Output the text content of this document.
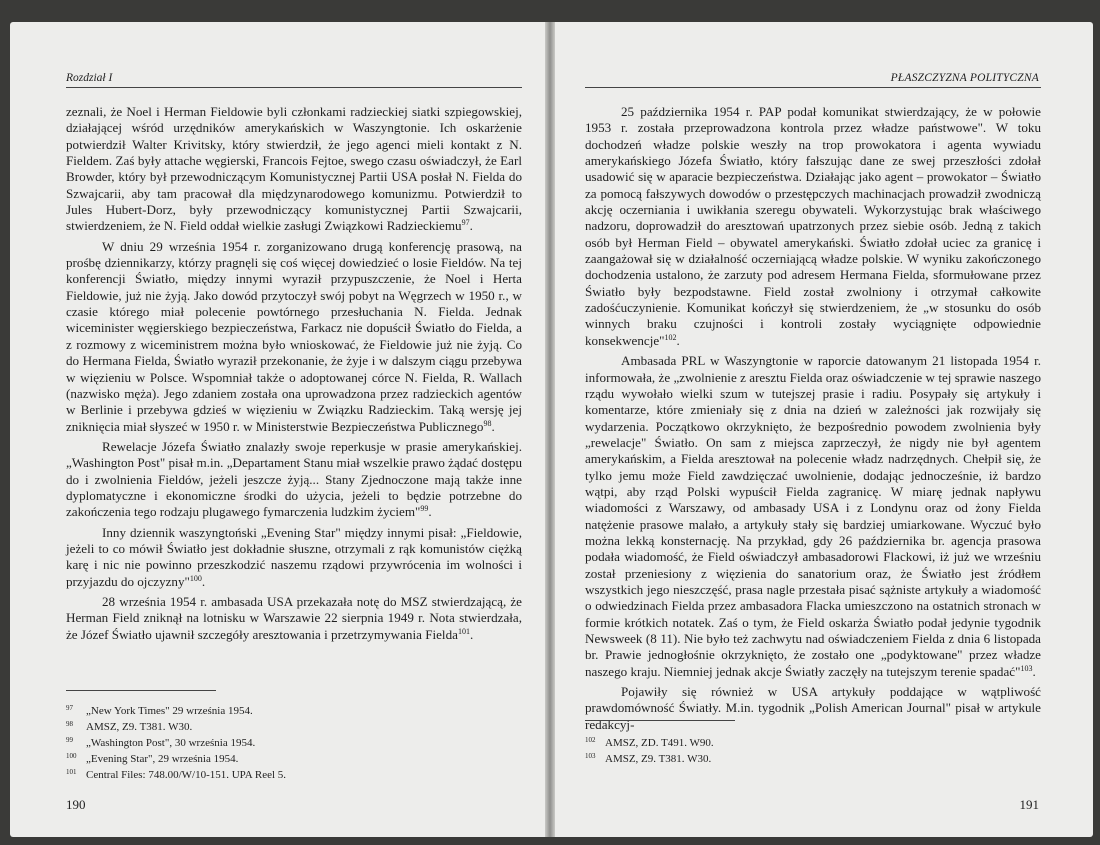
Rozdział I

zeznali, że Noel i Herman Fieldowie byli członkami radzieckiej siatki szpiegowskiej, działającej wśród urzędników amerykańskich w Waszyngtonie. Ich oskarżenie potwierdził Walter Krivitsky, który stwierdził, że jego agenci mieli kontakt z N. Fieldem. Zaś były attache węgierski, Francois Fejtoe, swego czasu oświadczył, że Earl Browder, który był przewodniczącym Komunistycznej Partii USA posłał N. Fielda do Szwajcarii, aby tam pracował dla międzynarodowego komunizmu. Potwierdził to Jules Hubert-Dorz, były przewodniczący komunistycznej Partii Szwajcarii, stwierdzeniem, że N. Field oddał wielkie zasługi Związkowi Radzieckiemu$^{97}$.

W dniu 29 września 1954 r. zorganizowano drugą konferencję prasową, na prośbę dziennikarzy, którzy pragnęli się coś więcej dowiedzieć o losie Fieldów. Na tej konferencji Światło, między innymi wyraził przypuszczenie, że Noel i Herta Fieldowie, już nie żyją. Jako dowód przytoczył swój pobyt na Węgrzech w 1950 r., w czasie którego miał polecenie powtórnego przesłuchania N. Fielda. Jednak wiceminister węgierskiego bezpieczeństwa, Farkacz nie dopuścił Światło do Fielda, a z rozmowy z wiceministrem można było wnioskować, że Fieldowie już nie żyją. Co do Hermana Fielda, Światło wyraził przekonanie, że żyje i w dalszym ciągu przebywa w więzieniu w Polsce. Wspomniał także o adoptowanej córce N. Fielda, R. Wallach (nazwisko męża). Jego zdaniem została ona uprowadzona przez radzieckich agentów w Berlinie i przebywa gdzieś w więzieniu w Związku Radzieckim. Taką wersję jej zniknięcia miał słyszeć w 1950 r. w Ministerstwie Bezpieczeństwa Publicznego$^{98}$.

Rewelacje Józefa Światło znalazły swoje reperkusje w prasie amerykańskiej. „Washington Post" pisał m.in. „Departament Stanu miał wszelkie prawo żądać dostępu do i zwolnienia Fieldów, jeżeli jeszcze żyją... Stany Zjednoczone mają także inne dyplomatyczne i ekonomiczne środki do użycia, jeżeli to będzie potrzebne do zakończenia tego rodzaju plugawego fymarczenia ludzkim życiem"$^{99}$.

Inny dziennik waszyngtoński „Evening Star" między innymi pisał: „Fieldowie, jeżeli to co mówił Światło jest dokładnie słuszne, otrzymali z rąk komunistów ciężką karę i nic nie powinno przeszkodzić naszemu rządowi przywrócenia im wolności i przyjazdu do ojczyzny"$^{100}$.

28 września 1954 r. ambasada USA przekazała notę do MSZ stwierdzającą, że Herman Field zniknął na lotnisku w Warszawie 22 sierpnia 1949 r. Nota stwierdzała, że Józef Światło ujawnił szczegóły aresztowania i przetrzymywania Fielda$^{101}$.

97 „New York Times" 29 września 1954.
98 AMSZ, Z9. T381. W30.
99 „Washington Post", 30 września 1954.
100 „Evening Star", 29 września 1954.
101 Central Files: 748.00/W/10-151. UPA Reel 5.
190
PŁASZCZYZNA POLITYCZNA

25 października 1954 r. PAP podał komunikat stwierdzający, że w połowie 1953 r. została przeprowadzona kontrola przez władze państwowe". W toku dochodzeń władze polskie weszły na trop prowokatora i agenta wywiadu amerykańskiego Józefa Światło, który fałszując dane ze swej przeszłości zdołał usadowić się w aparacie bezpieczeństwa. Działając jako agent – prowokator – Światło za pomocą fałszywych dowodów o przestępczych machinacjach prowadził zwodniczą akcję oczerniania i uwikłania szeregu obywateli. Wykorzystując brak właściwego nadzoru, doprowadził do aresztowań upatrzonych przez siebie osób. Jedną z takich osób był Herman Field – obywatel amerykański. Światło zdołał uciec za granicę i zaangażował się w działalność oczerniającą władze polskie. W wyniku zakończonego dochodzenia ustalono, że zarzuty pod adresem Hermana Fielda, sformułowane przez Światło były bezpodstawne. Field został zwolniony i otrzymał całkowite zadośćuczynienie. Komunikat kończył się stwierdzeniem, że „w stosunku do osób winnych braku czujności i kontroli zostały wyciągnięte odpowiednie konsekwencje"$^{102}$.

Ambasada PRL w Waszyngtonie w raporcie datowanym 21 listopada 1954 r. informowała, że „zwolnienie z aresztu Fielda oraz oświadczenie w tej sprawie naszego rządu wywołało wielki szum w tutejszej prasie i radiu. Posypały się artykuły i komentarze, które zmieniały się z dnia na dzień w zależności jak rozwijały się wydarzenia. Początkowo okrzyknięto, że bezpośrednio powodem zwolnienia były „rewelacje" Światło. On sam z miejsca zaprzeczył, że nigdy nie był agentem amerykańskim, a Fielda aresztował na polecenie władz nadrzędnych. Chełpił się, że tylko jemu może Field zawdzięczać uwolnienie, dodając jednocześnie, iż bardzo wątpi, aby rząd Polski wypuścił Fielda zagranicę. W miarę jednak napływu wiadomości z Warszawy, od ambasady USA i z Londynu oraz od żony Fielda natężenie prasowe malało, a artykuły stały się bardziej umiarkowane. Wyczuć było można lekką konsternację. Na przykład, gdy 26 października br. agencja prasowa podała wiadomość, że Field oświadczył ambasadorowi Flackowi, iż już we wrześniu został przeniesiony z więzienia do sanatorium oraz, że Światło jest źródłem wszystkich jego nieszczęść, prasa nagle przestała pisać sążniste artykuły a wiadomość o odwiedzinach Fielda przez ambasadora Flacka umieszczono na ostatnich stronach w formie krótkich notatek. Zaś o tym, że Field oskarża Światło podał jedynie tygodnik Newsweek (8 11). Nie było też zachwytu nad oświadczeniem Fielda z dnia 6 listopada br. Prawie jednogłośnie okrzyknięto, że zostało one „podyktowane" przez władze naszego kraju. Niemniej jednak akcje Światły zaczęły na tutejszym terenie spadać"$^{103}$.

Pojawiły się również w USA artykuły poddające w wątpliwość prawdomówność Światły. M.in. tygodnik „Polish American Journal" pisał w artykule redakcyj-

102 AMSZ, ZD. T491. W90.
103 AMSZ, Z9. T381. W30.
191
